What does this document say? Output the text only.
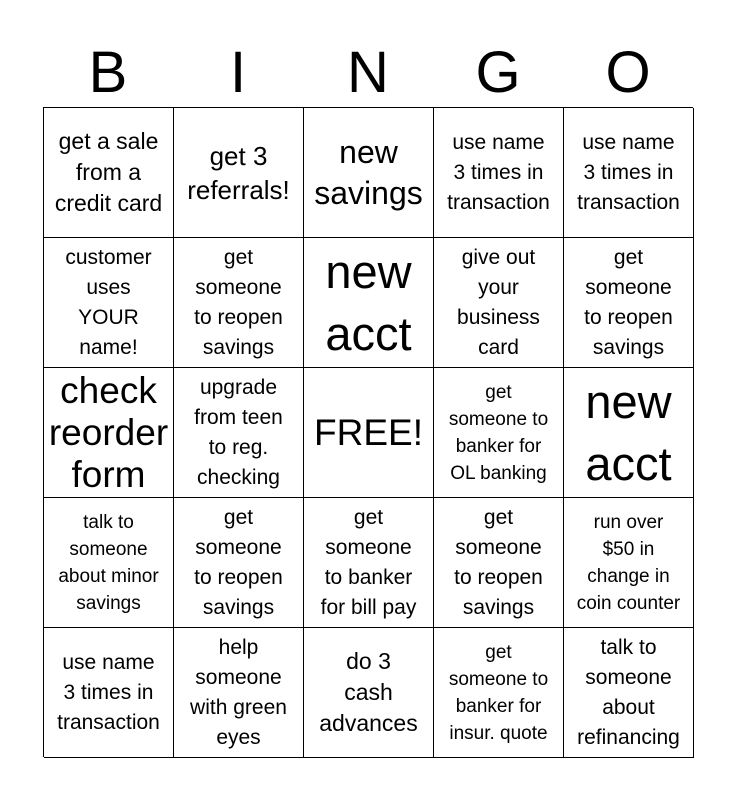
B	I	N	G	O
get a sale
from a
credit card
get 3
referrals!
new
savings
use name
3 times in
transaction
use name
3 times in
transaction
customer
uses
YOUR
name!
get
someone
to reopen
savings
new
acct
give out
your
business
card
get
someone
to reopen
savings
check
reorder
form
upgrade
from teen
to reg.
checking
FREE!
get
someone to
banker for
OL banking
new
acct
talk to
someone
about minor
savings
get
someone
to reopen
savings
get
someone
to banker
for bill pay
get
someone
to reopen
savings
run over
$50 in
change in
coin counter
use name
3 times in
transaction
help
someone
with green
eyes
do 3
cash
advances
get
someone to
banker for
insur. quote
talk to
someone
about
refinancing
